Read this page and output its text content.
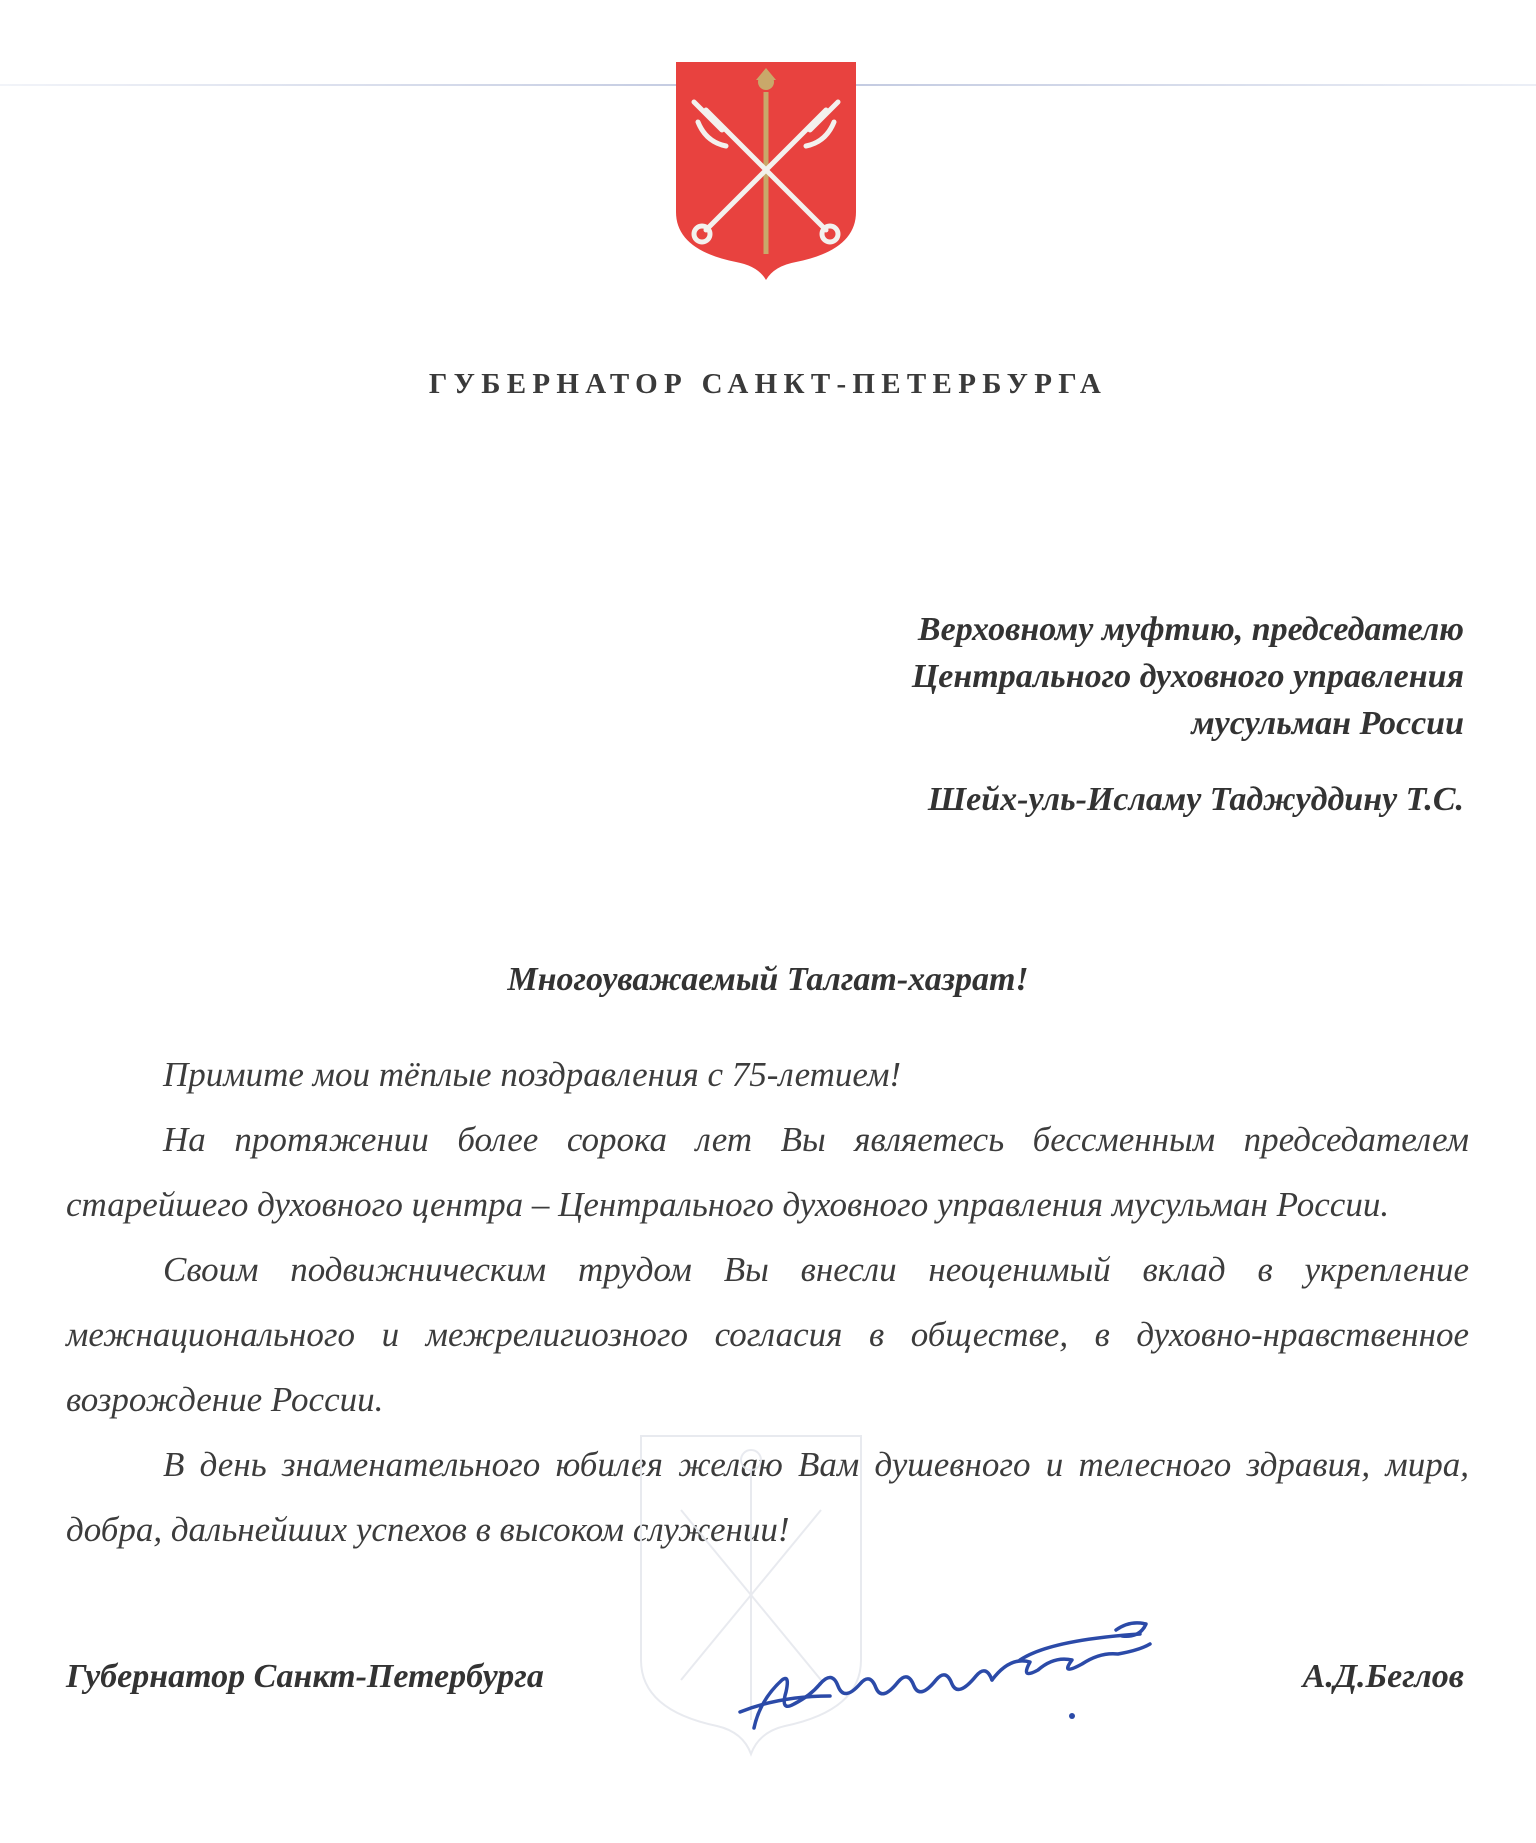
ГУБЕРНАТОР САНКТ-ПЕТЕРБУРГА
Верховному муфтию, председателю
Центрального духовного управления
мусульман России
Шейх-уль-Исламу Таджуддину Т.С.
Многоуважаемый Талгат-хазрат!

Примите мои тёплые поздравления с 75-летием!

На протяжении более сорока лет Вы являетесь бессменным председателем старейшего духовного центра – Центрального духовного управления мусульман России.

Своим подвижническим трудом Вы внесли неоценимый вклад в укрепление межнационального и межрелигиозного согласия в обществе, в духовно-нравственное возрождение России.

В день знаменательного юбилея желаю Вам душевного и телесного здравия, мира, добра, дальнейших успехов в высоком служении!

Губернатор Санкт-Петербурга	А.Д.Беглов
